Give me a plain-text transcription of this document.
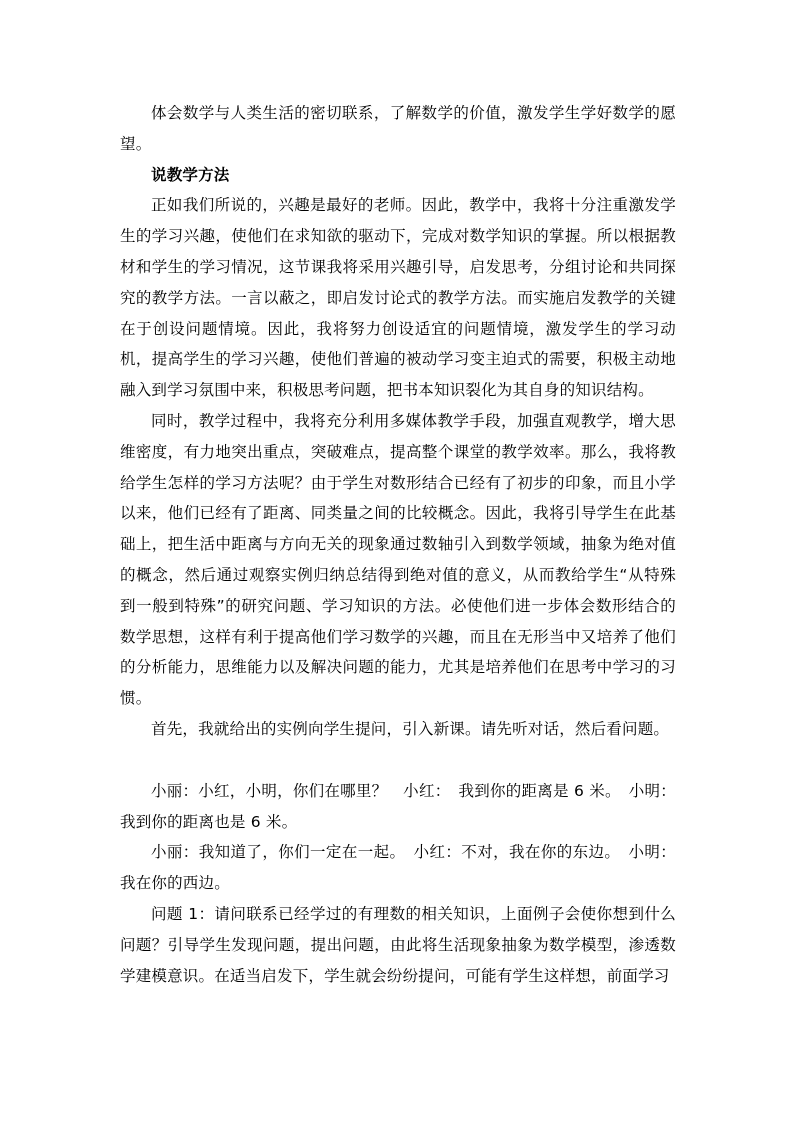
体会数学与人类生活的密切联系，了解数学的价值，激发学生学好数学的愿望。

说教学方法

正如我们所说的，兴趣是最好的老师。因此，教学中，我将十分注重激发学生的学习兴趣，使他们在求知欲的驱动下，完成对数学知识的掌握。所以根据教材和学生的学习情况，这节课我将采用兴趣引导，启发思考，分组讨论和共同探究的教学方法。一言以蔽之，即启发讨论式的教学方法。而实施启发教学的关键在于创设问题情境。因此，我将努力创设适宜的问题情境，激发学生的学习动机，提高学生的学习兴趣，使他们普遍的被动学习变主迫式的需要，积极主动地融入到学习氛围中来，积极思考问题，把书本知识裂化为其自身的知识结构。

同时，教学过程中，我将充分利用多媒体教学手段，加强直观教学，增大思维密度，有力地突出重点，突破难点，提高整个课堂的教学效率。那么，我将教给学生怎样的学习方法呢？由于学生对数形结合已经有了初步的印象，而且小学以来，他们已经有了距离、同类量之间的比较概念。因此，我将引导学生在此基础上，把生活中距离与方向无关的现象通过数轴引入到数学领域，抽象为绝对值的概念，然后通过观察实例归纳总结得到绝对值的意义，从而教给学生“从特殊到一般到特殊”的研究问题、学习知识的方法。必使他们进一步体会数形结合的数学思想，这样有利于提高他们学习数学的兴趣，而且在无形当中又培养了他们的分析能力，思维能力以及解决问题的能力，尤其是培养他们在思考中学习的习惯。

首先，我就给出的实例向学生提问，引入新课。请先听对话，然后看问题。

小丽：小红，小明，你们在哪里？　小红：　我到你的距离是 6 米。　小明：我到你的距离也是 6 米。

小丽：我知道了，你们一定在一起。　小红：不对，我在你的东边。　小明：我在你的西边。

问题 1：请问联系已经学过的有理数的相关知识，上面例子会使你想到什么问题？引导学生发现问题，提出问题，由此将生活现象抽象为数学模型，渗透数学建模意识。在适当启发下，学生就会纷纷提问，可能有学生这样想，前面学习
